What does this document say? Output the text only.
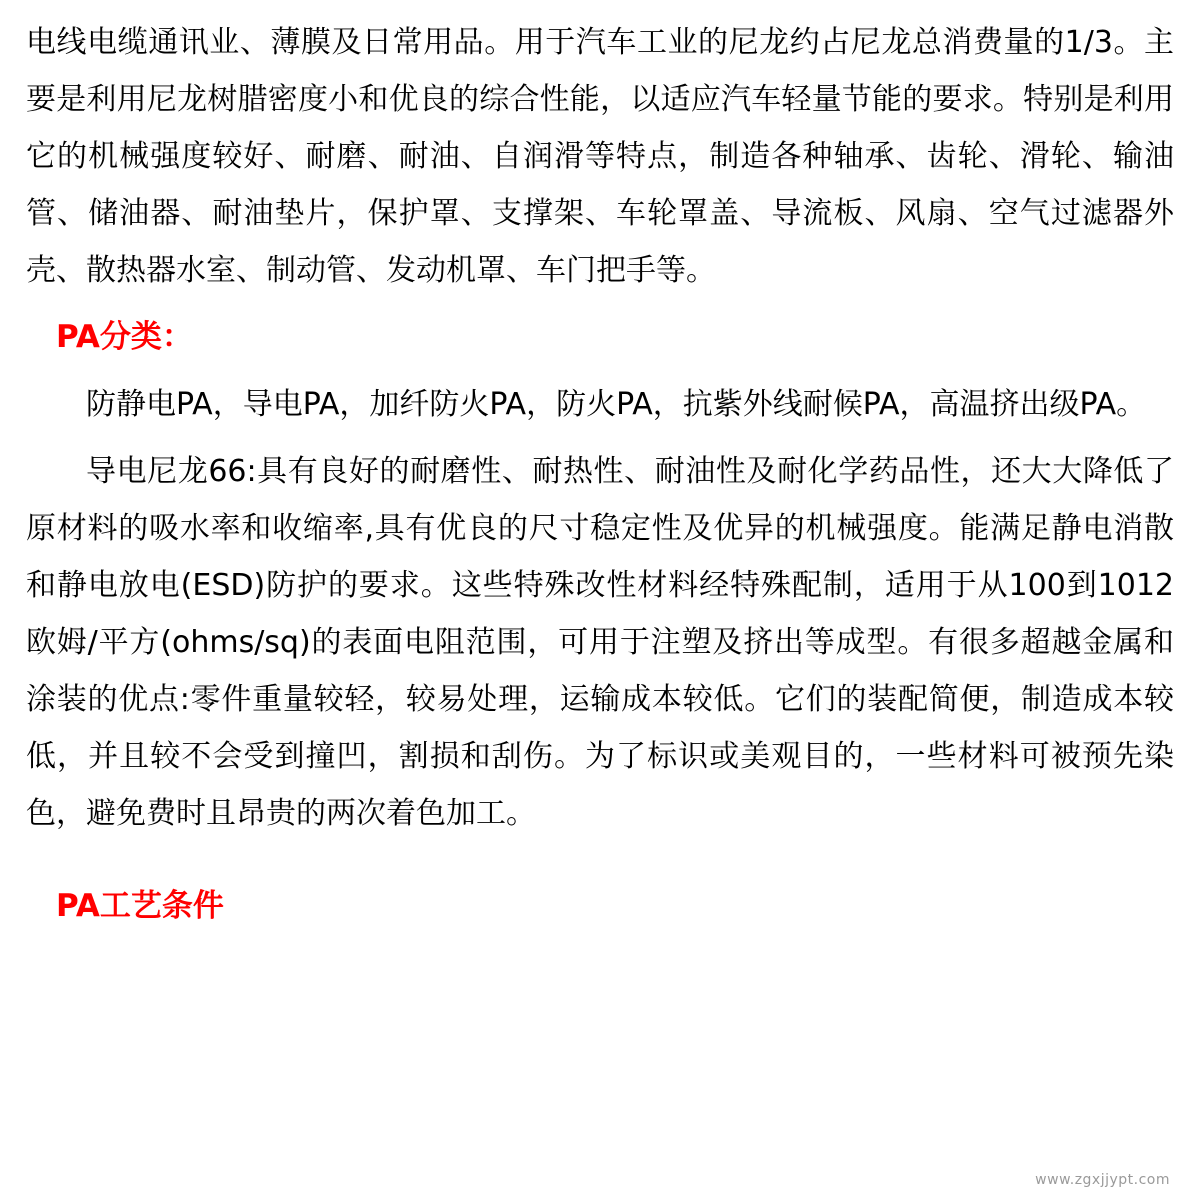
电线电缆通讯业、薄膜及日常用品。用于汽车工业的尼龙约占尼龙总消费量的1/3。主要是利用尼龙树腊密度小和优良的综合性能，以适应汽车轻量节能的要求。特别是利用它的机械强度较好、耐磨、耐油、自润滑等特点，制造各种轴承、齿轮、滑轮、输油管、储油器、耐油垫片，保护罩、支撑架、车轮罩盖、导流板、风扇、空气过滤器外壳、散热器水室、制动管、发动机罩、车门把手等。

PA分类：

防静电PA，导电PA，加纤防火PA，防火PA，抗紫外线耐候PA，高温挤出级PA。

导电尼龙66:具有良好的耐磨性、耐热性、耐油性及耐化学药品性，还大大降低了原材料的吸水率和收缩率,具有优良的尺寸稳定性及优异的机械强度。能满足静电消散和静电放电(ESD)防护的要求。这些特殊改性材料经特殊配制，适用于从100到1012欧姆/平方(ohms/sq)的表面电阻范围，可用于注塑及挤出等成型。有很多超越金属和涂装的优点:零件重量较轻，较易处理，运输成本较低。它们的装配简便，制造成本较低，并且较不会受到撞凹，割损和刮伤。为了标识或美观目的，一些材料可被预先染色，避免费时且昂贵的两次着色加工。

PA工艺条件
www.zgxjjypt.com
